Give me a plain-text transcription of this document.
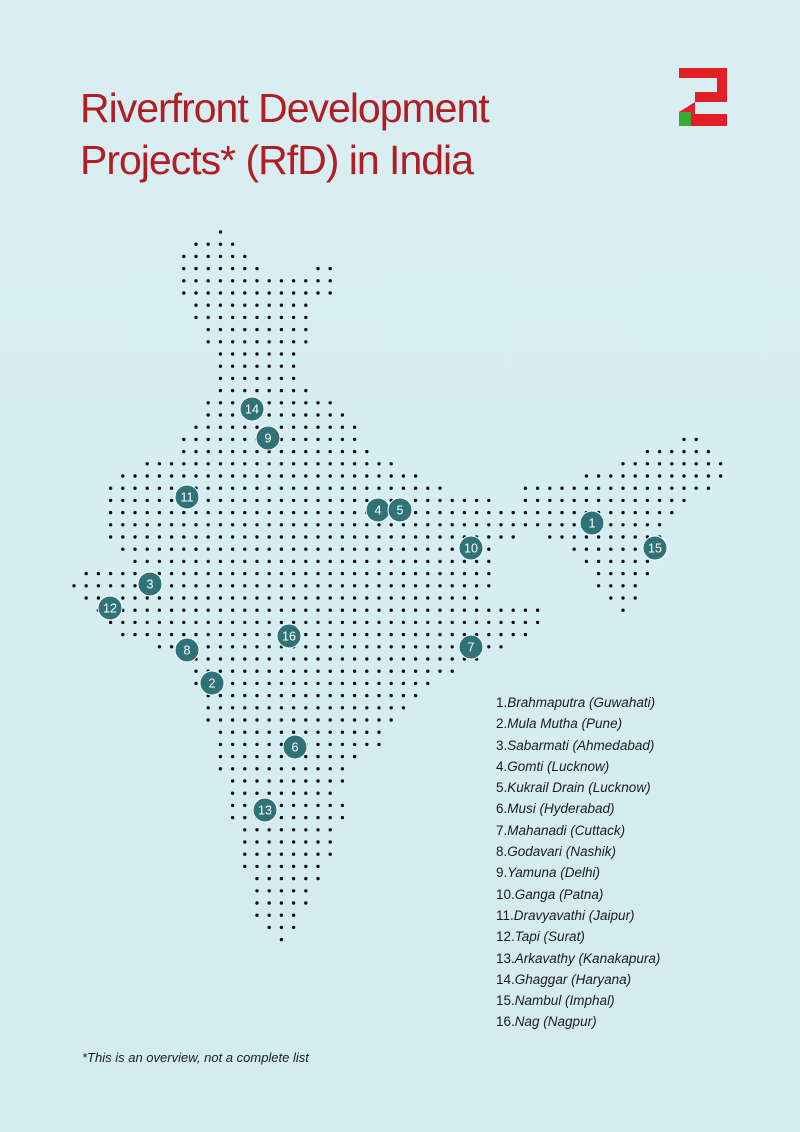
Riverfront Development
Projects* (RfD) in India
1
2
3
4 5
6
7
8
9
10
11
12
13
14
15
16
1.Brahmaputra (Guwahati)
2.Mula Mutha (Pune)
3.Sabarmati (Ahmedabad)
4.Gomti (Lucknow)
5.Kukrail Drain (Lucknow)
6.Musi (Hyderabad)
7.Mahanadi (Cuttack)
8.Godavari (Nashik)
9.Yamuna (Delhi)
10.Ganga (Patna)
11.Dravyavathi (Jaipur)
12.Tapi (Surat)
13.Arkavathy (Kanakapura)
14.Ghaggar (Haryana)
15.Nambul (Imphal)
16.Nag (Nagpur)

*This is an overview, not a complete list
